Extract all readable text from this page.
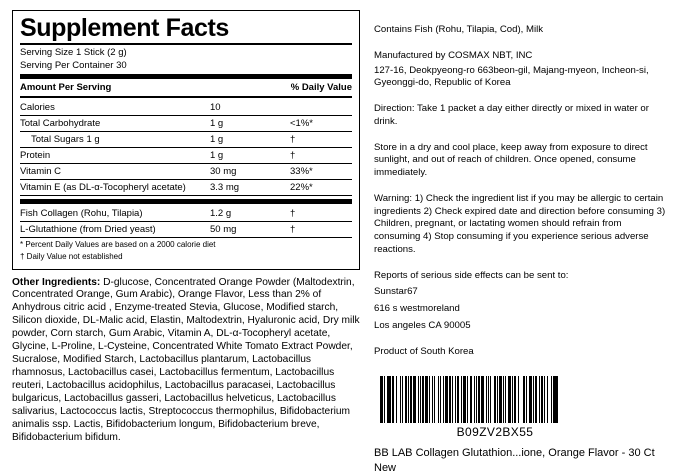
Supplement Facts
Serving Size 1 Stick (2 g)
Serving Per Container 30
Amount Per Serving	% Daily Value
Calories	10	
Total Carbohydrate	1 g	<1%*
Total Sugars 1 g	1 g	†
Protein	1 g	†
Vitamin C	30 mg	33%*
Vitamin E (as DL-α-Tocopheryl acetate)	3.3 mg	22%*
Fish Collagen (Rohu, Tilapia)	1.2 g	†
L-Glutathione (from Dried yeast)	50 mg	†
* Percent Daily Values are based on a 2000 calorie diet
† Daily Value not established
Other Ingredients: D-glucose, Concentrated Orange Powder (Maltodextrin, Concentrated Orange, Gum Arabic), Orange Flavor, Less than 2% of Anhydrous citric acid , Enzyme-treated Stevia, Glucose, Modified starch, Silicon dioxide, DL-Malic acid, Elastin, Maltodextrin, Hyaluronic acid, Dry milk powder, Corn starch, Gum Arabic, Vitamin A, DL-α-Tocopheryl acetate, Glycine, L-Proline, L-Cysteine, Concentrated White Tomato Extract Powder, Sucralose, Modified Starch, Lactobacillus plantarum, Lactobacillus rhamnosus, Lactobacillus casei, Lactobacillus fermentum, Lactobacillus reuteri, Lactobacillus acidophilus, Lactobacillus paracasei, Lactobacillus bulgaricus, Lactobacillus gasseri, Lactobacillus helveticus, Lactobacillus salivarius, Lactococcus lactis, Streptococcus thermophilus, Bifidobacterium animalis ssp. Lactis, Bifidobacterium longum, Bifidobacterium breve, Bifidobacterium bifidum.
Contains Fish (Rohu, Tilapia, Cod), Milk
Manufactured by COSMAX NBT, INC
127-16, Deokpyeong-ro 663beon-gil, Majang-myeon, Incheon-si, Gyeonggi-do, Republic of Korea
Direction: Take 1 packet a day either directly or mixed in water or drink.
Store in a dry and cool place, keep away from exposure to direct sunlight, and out of reach of children. Once opened, consume immediately.
Warning: 1) Check the ingredient list if you may be allergic to certain ingredients 2) Check expired date and direction before consuming 3) Children, pregnant, or lactating women should refrain from consuming 4) Stop consuming if you experience serious adverse reactions.
Reports of serious side effects can be sent to:
Sunstar67
616 s westmoreland
Los angeles CA 90005
Product of South Korea
B09ZV2BX55
BB LAB Collagen Glutathion...ione, Orange Flavor - 30 Ct
New
